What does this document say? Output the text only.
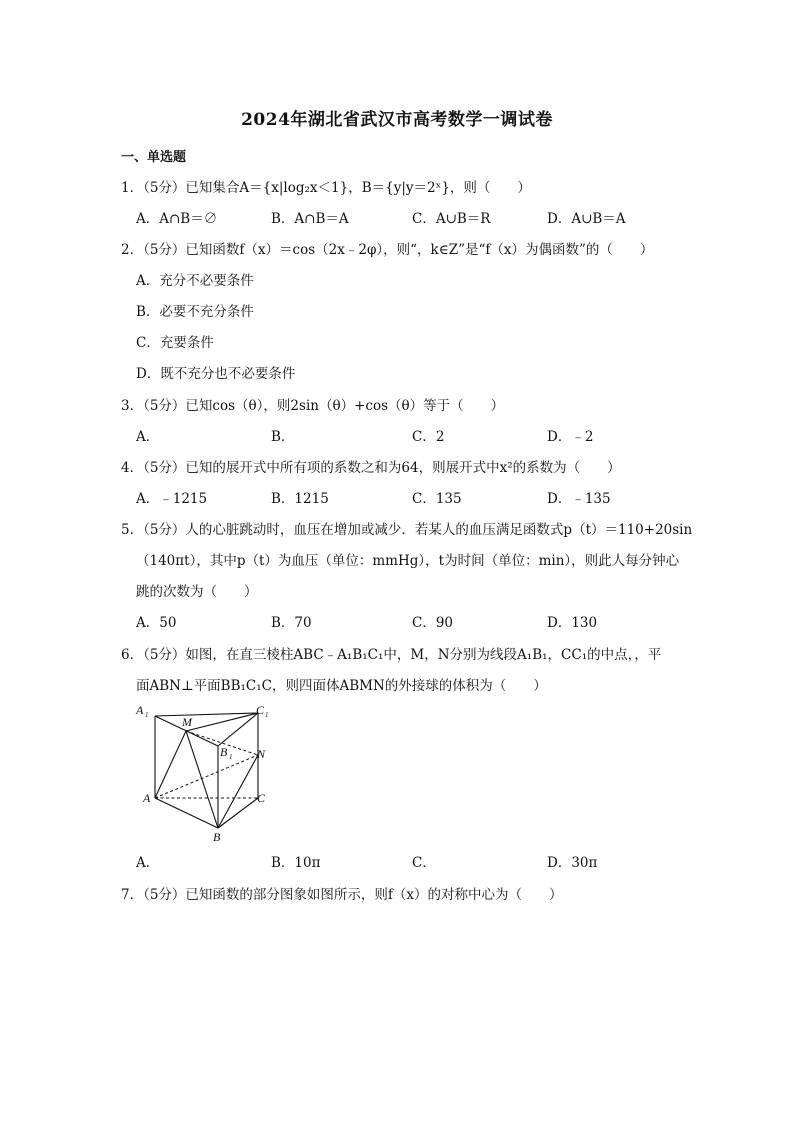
2024年湖北省武汉市高考数学一调试卷
一、单选题
1．（5分）已知集合A＝{x|log₂x＜1}，B＝{y|y＝2ˣ}，则（　　）
A．A∩B＝∅	B．A∩B＝A	C．A∪B＝R	D．A∪B＝A
2．（5分）已知函数f（x）＝cos（2x﹣2φ），则“，k∈Z”是“f（x）为偶函数”的（　　）
A．充分不必要条件
B．必要不充分条件
C．充要条件
D．既不充分也不必要条件
3．（5分）已知cos（θ），则2sin（θ）+cos（θ）等于（　　）
A．	B．	C．2	D．﹣2
4．（5分）已知的展开式中所有项的系数之和为64，则展开式中x²的系数为（　　）
A．﹣1215	B．1215	C．135	D．﹣135
5．（5分）人的心脏跳动时，血压在增加或减少．若某人的血压满足函数式p（t）＝110+20sin
（140πt），其中p（t）为血压（单位：mmHg），t为时间（单位：min），则此人每分钟心
跳的次数为（　　）
A．50	B．70	C．90	D．130
6．（5分）如图，在直三棱柱ABC﹣A₁B₁C₁中，M，N分别为线段A₁B₁，CC₁的中点，，平
面ABN⊥平面BB₁C₁C，则四面体ABMN的外接球的体积为（　　）
A 1	M
C 1
B 1 N
A	C
B
A．	B．10π	C．	D．30π
7．（5分）已知函数的部分图象如图所示，则f（x）的对称中心为（　　）
